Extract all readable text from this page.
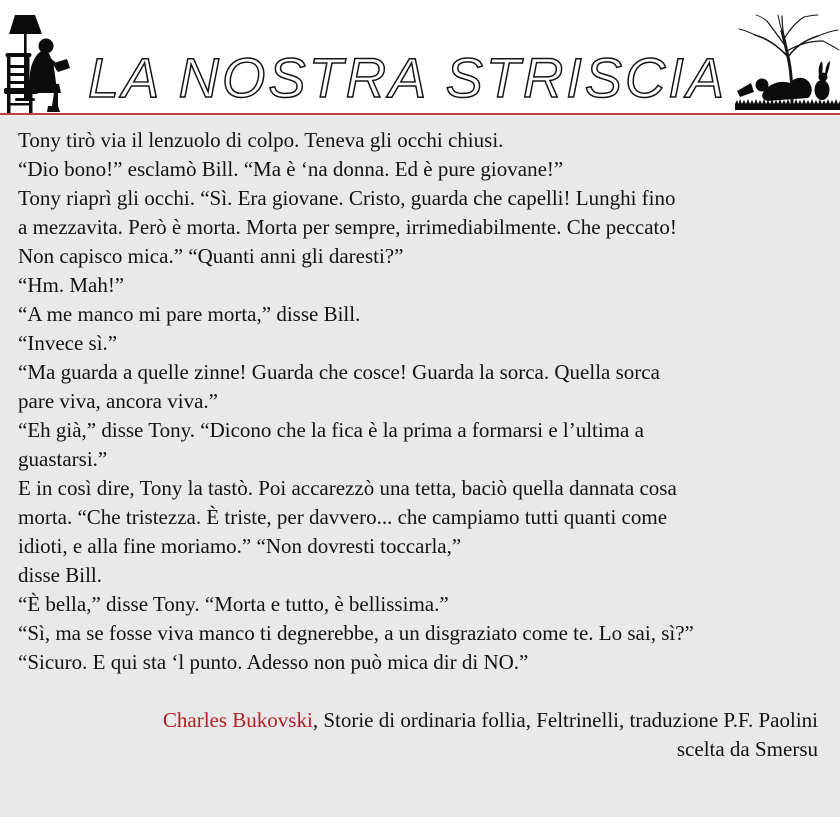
LA NOSTRA STRISCIA
Tony tirò via il lenzuolo di colpo. Teneva gli occhi chiusi.
“Dio bono!” esclamò Bill. “Ma è ‘na donna. Ed è pure giovane!”
Tony riaprì gli occhi. “Sì. Era giovane. Cristo, guarda che capelli! Lunghi fino
a mezzavita. Però è morta. Morta per sempre, irrimediabilmente. Che peccato!
Non capisco mica.” “Quanti anni gli daresti?”
“Hm. Mah!”
“A me manco mi pare morta,” disse Bill.
“Invece sì.”
“Ma guarda a quelle zinne! Guarda che cosce! Guarda la sorca. Quella sorca
pare viva, ancora viva.”
“Eh già,” disse Tony. “Dicono che la fica è la prima a formarsi e l’ultima a
guastarsi.”
E in così dire, Tony la tastò. Poi accarezzò una tetta, baciò quella dannata cosa
morta. “Che tristezza. È triste, per davvero... che campiamo tutti quanti come
idioti, e alla fine moriamo.” “Non dovresti toccarla,”
disse Bill.
“È bella,” disse Tony. “Morta e tutto, è bellissima.”
“Sì, ma se fosse viva manco ti degnerebbe, a un disgraziato come te. Lo sai, sì?”
“Sicuro. E qui sta ‘l punto. Adesso non può mica dir di NO.”
Charles Bukovski, Storie di ordinaria follia, Feltrinelli, traduzione P.F. Paolini
scelta da Smersu
